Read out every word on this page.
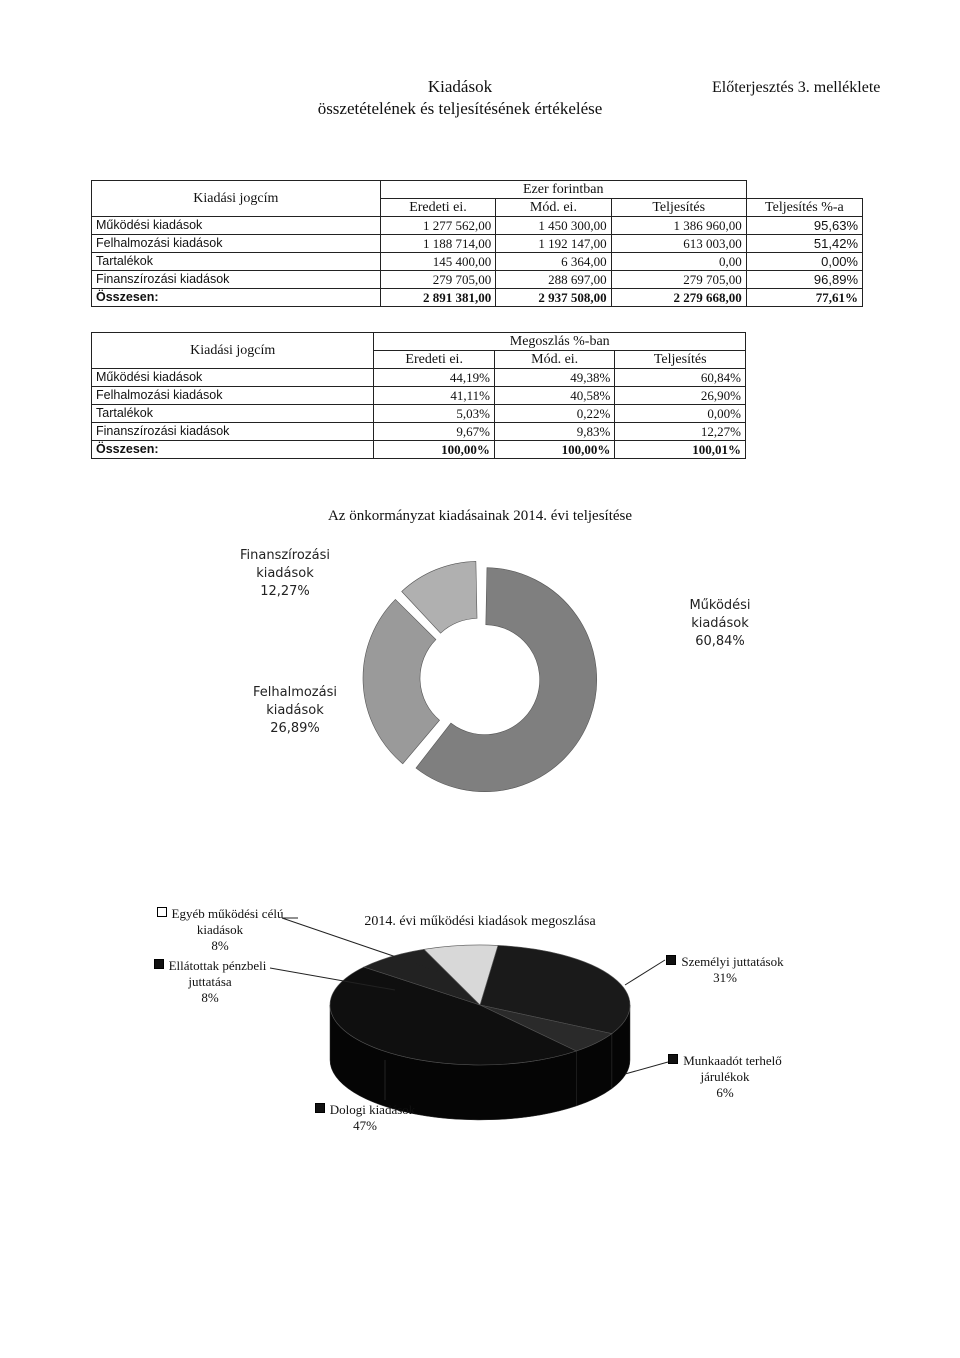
Kiadások
összetételének és teljesítésének értékelése
Előterjesztés 3. melléklete
Kiadási jogcím	Ezer forintban			
	Eredeti ei.	Mód. ei.	Teljesítés	Teljesítés %-a
Működési kiadások	1 277 562,00	1 450 300,00	1 386 960,00	95,63%
Felhalmozási kiadások	1 188 714,00	1 192 147,00	613 003,00	51,42%
Tartalékok	145 400,00	6 364,00	0,00	0,00%
Finanszírozási kiadások	279 705,00	288 697,00	279 705,00	96,89%
Összesen:	2 891 381,00	2 937 508,00	2 279 668,00	77,61%
Kiadási jogcím	Megoszlás %-ban		
	Eredeti ei.	Mód. ei.	Teljesítés
Működési kiadások	44,19%	49,38%	60,84%
Felhalmozási kiadások	41,11%	40,58%	26,90%
Tartalékok	5,03%	0,22%	0,00%
Finanszírozási kiadások	9,67%	9,83%	12,27%
Összesen:	100,00%	100,00%	100,01%
Az önkormányzat kiadásainak 2014. évi teljesítése
Finanszírozási
kiadások
12,27%
Működési
kiadások
60,84%
Felhalmozási
kiadások
26,89%
2014. évi működési kiadások megoszlása
Egyéb működési célú
kiadások
8%
Ellátottak pénzbeli
juttatása
8%
Személyi juttatások
31%
Munkaadót terhelő
járulékok
6%
Dologi kiadások
47%
